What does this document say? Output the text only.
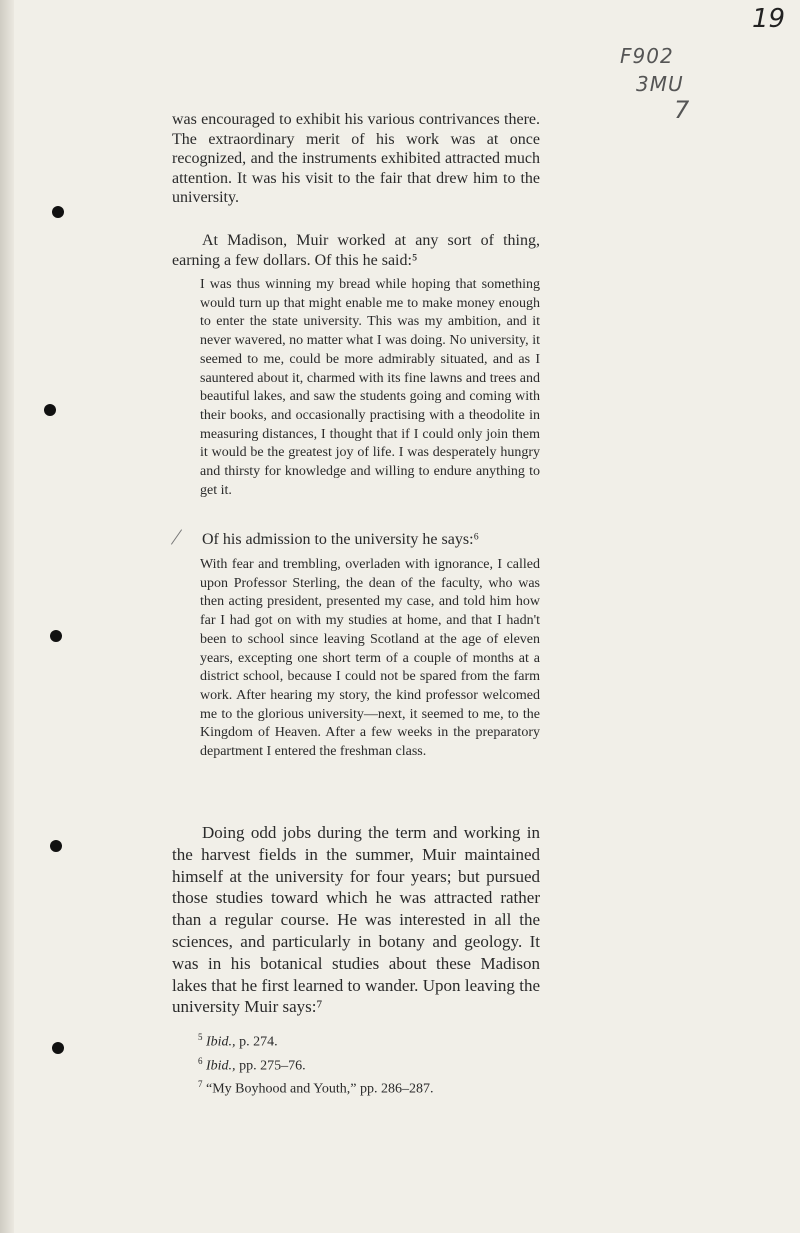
19
F902
3MU
7

was encouraged to exhibit his various contrivances there. The extraordinary merit of his work was at once recognized, and the instruments exhibited attracted much attention. It was his visit to the fair that drew him to the university.

At Madison, Muir worked at any sort of thing, earning a few dollars. Of this he said:⁵

I was thus winning my bread while hoping that something would turn up that might enable me to make money enough to enter the state university. This was my ambition, and it never wavered, no matter what I was doing. No university, it seemed to me, could be more admirably situated, and as I sauntered about it, charmed with its fine lawns and trees and beautiful lakes, and saw the students going and coming with their books, and occasionally practising with a theodolite in measuring distances, I thought that if I could only join them it would be the greatest joy of life. I was desperately hungry and thirsty for knowledge and willing to endure anything to get it.

Of his admission to the university he says:⁶

With fear and trembling, overladen with ignorance, I called upon Professor Sterling, the dean of the faculty, who was then acting president, presented my case, and told him how far I had got on with my studies at home, and that I hadn't been to school since leaving Scotland at the age of eleven years, excepting one short term of a couple of months at a district school, because I could not be spared from the farm work. After hearing my story, the kind professor welcomed me to the glorious university—next, it seemed to me, to the Kingdom of Heaven. After a few weeks in the preparatory department I entered the freshman class.

Doing odd jobs during the term and working in the harvest fields in the summer, Muir maintained himself at the university for four years; but pursued those studies toward which he was attracted rather than a regular course. He was interested in all the sciences, and particularly in botany and geology. It was in his botanical studies about these Madison lakes that he first learned to wander. Upon leaving the university Muir says:⁷

$^5$ Ibid., p. 274.
$^6$ Ibid., pp. 275–76.
$^7$ “My Boyhood and Youth,” pp. 286–287.
